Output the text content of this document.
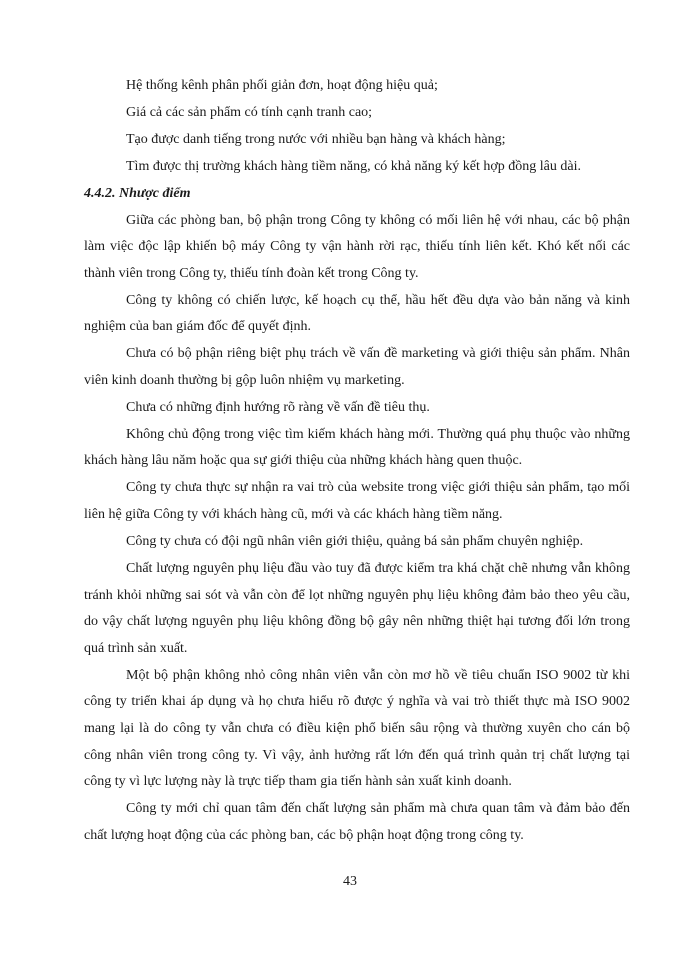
Hệ thống kênh phân phối giản đơn, hoạt động hiệu quả;

Giá cả các sản phẩm có tính cạnh tranh cao;

Tạo được danh tiếng trong nước với nhiều bạn hàng và khách hàng;

Tìm được thị trường khách hàng tiềm năng, có khả năng ký kết hợp đồng lâu dài.

4.4.2. Nhược điểm

Giữa các phòng ban, bộ phận trong Công ty không có mối liên hệ với nhau, các bộ phận làm việc độc lập khiến bộ máy Công ty vận hành rời rạc, thiếu tính liên kết. Khó kết nối các thành viên trong Công ty, thiếu tính đoàn kết trong Công ty.

Công ty không có chiến lược, kế hoạch cụ thể, hầu hết đều dựa vào bản năng và kinh nghiệm của ban giám đốc để quyết định.

Chưa có bộ phận riêng biệt phụ trách về vấn đề marketing và giới thiệu sản phẩm. Nhân viên kinh doanh thường bị gộp luôn nhiệm vụ marketing.

Chưa có những định hướng rõ ràng về vấn đề tiêu thụ.

Không chủ động trong việc tìm kiếm khách hàng mới. Thường quá phụ thuộc vào những khách hàng lâu năm hoặc qua sự giới thiệu của những khách hàng quen thuộc.

Công ty chưa thực sự nhận ra vai trò của website trong việc giới thiệu sản phẩm, tạo mối liên hệ giữa Công ty với khách hàng cũ, mới và các khách hàng tiềm năng.

Công ty chưa có đội ngũ nhân viên giới thiệu, quảng bá sản phẩm chuyên nghiệp.

Chất lượng nguyên phụ liệu đầu vào tuy đã được kiểm tra khá chặt chẽ nhưng vẫn không tránh khỏi những sai sót và vẫn còn để lọt những nguyên phụ liệu không đảm bảo theo yêu cầu, do vậy chất lượng nguyên phụ liệu không đồng bộ gây nên những thiệt hại tương đối lớn trong quá trình sản xuất.

Một bộ phận không nhỏ công nhân viên vẫn còn mơ hồ về tiêu chuẩn ISO 9002 từ khi công ty triển khai áp dụng và họ chưa hiểu rõ được ý nghĩa và vai trò thiết thực mà ISO 9002 mang lại là do công ty vẫn chưa có điều kiện phổ biến sâu rộng và thường xuyên cho cán bộ công nhân viên trong công ty. Vì vậy, ảnh hưởng rất lớn đến quá trình quản trị chất lượng tại công ty vì lực lượng này là trực tiếp tham gia tiến hành sản xuất kinh doanh.

Công ty mới chỉ quan tâm đến chất lượng sản phẩm mà chưa quan tâm và đảm bảo đến chất lượng hoạt động của các phòng ban, các bộ phận hoạt động trong công ty.

43
